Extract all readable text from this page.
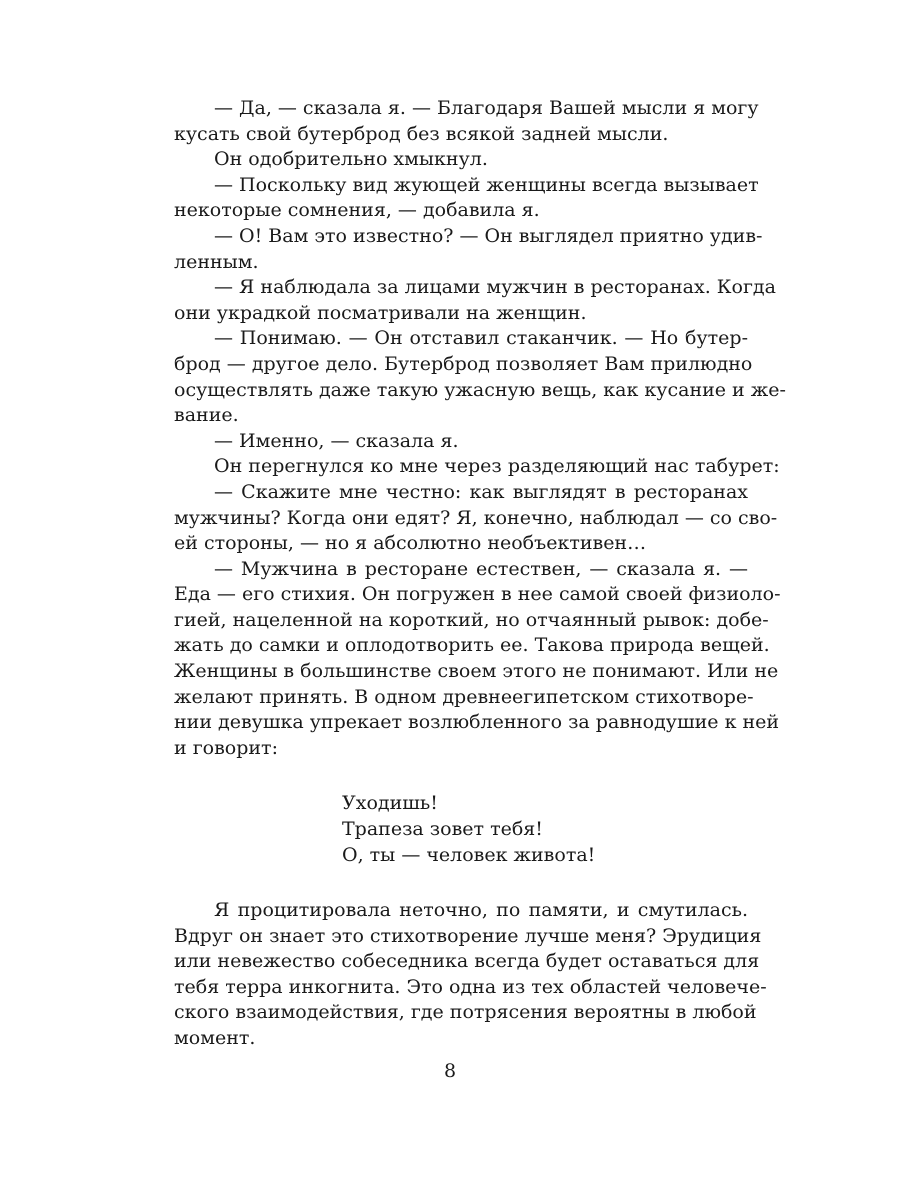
— Да, — сказала я. — Благодаря Вашей мысли я могу
кусать свой бутерброд без всякой задней мысли.
Он одобрительно хмыкнул.
— Поскольку вид жующей женщины всегда вызывает
некоторые сомнения, — добавила я.
— О! Вам это известно? — Он выглядел приятно удив-
ленным.
— Я наблюдала за лицами мужчин в ресторанах. Когда
они украдкой посматривали на женщин.
— Понимаю. — Он отставил стаканчик. — Но бутер-
брод — другое дело. Бутерброд позволяет Вам прилюдно
осуществлять даже такую ужасную вещь, как кусание и же-
вание.
— Именно, — сказала я.
Он перегнулся ко мне через разделяющий нас табурет:
— Скажите мне честно: как выглядят в ресторанах
мужчины? Когда они едят? Я, конечно, наблюдал — со сво-
ей стороны, — но я абсолютно необъективен…
— Мужчина в ресторане естествен, — сказала я. —
Еда — его стихия. Он погружен в нее самой своей физиоло-
гией, нацеленной на короткий, но отчаянный рывок: добе-
жать до самки и оплодотворить ее. Такова природа вещей.
Женщины в большинстве своем этого не понимают. Или не
желают принять. В одном древнеегипетском стихотворе-
нии девушка упрекает возлюбленного за равнодушие к ней
и говорит:
Уходишь!
Трапеза зовет тебя!
О, ты — человек живота!
Я процитировала неточно, по памяти, и смутилась.
Вдруг он знает это стихотворение лучше меня? Эрудиция
или невежество собеседника всегда будет оставаться для
тебя терра инкогнита. Это одна из тех областей человече-
ского взаимодействия, где потрясения вероятны в любой
момент.
8
